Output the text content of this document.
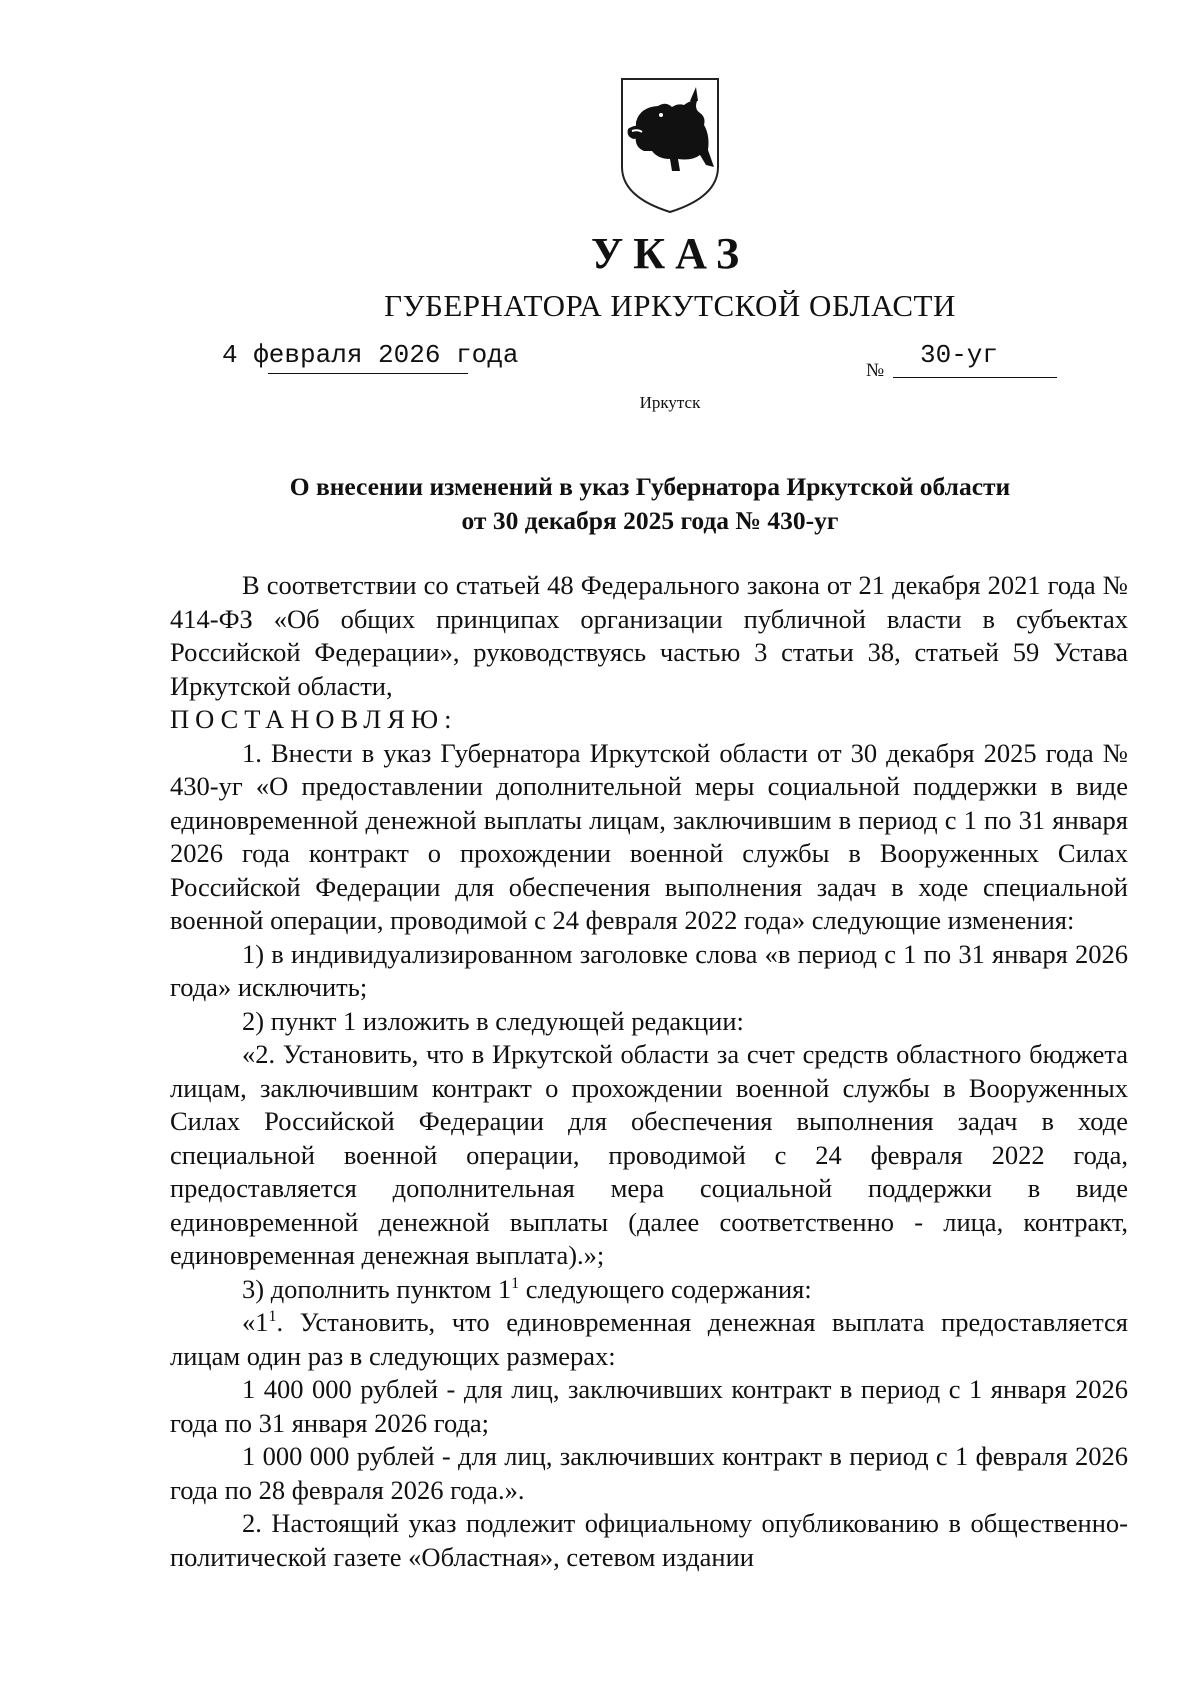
УКАЗ
ГУБЕРНАТОРА ИРКУТСКОЙ ОБЛАСТИ
4 февраля 2026 года
№
30-уг
Иркутск
О внесении изменений в указ Губернатора Иркутской области
от 30 декабря 2025 года № 430-уг

В соответствии со статьей 48 Федерального закона от 21 декабря 2021 года № 414-ФЗ «Об общих принципах организации публичной власти в субъектах Российской Федерации», руководствуясь частью 3 статьи 38, статьей 59 Устава Иркутской области,

ПОСТАНОВЛЯЮ:

1. Внести в указ Губернатора Иркутской области от 30 декабря 2025 года № 430-уг «О предоставлении дополнительной меры социальной поддержки в виде единовременной денежной выплаты лицам, заключившим в период с 1 по 31 января 2026 года контракт о прохождении военной службы в Вооруженных Силах Российской Федерации для обеспечения выполнения задач в ходе специальной военной операции, проводимой с 24 февраля 2022 года» следующие изменения:

1) в индивидуализированном заголовке слова «в период с 1 по 31 января 2026 года» исключить;

2) пункт 1 изложить в следующей редакции:

«2. Установить, что в Иркутской области за счет средств областного бюджета лицам, заключившим контракт о прохождении военной службы в Вооруженных Силах Российской Федерации для обеспечения выполнения задач в ходе специальной военной операции, проводимой с 24 февраля 2022 года, предоставляется дополнительная мера социальной поддержки в виде единовременной денежной выплаты (далее соответственно - лица, контракт, единовременная денежная выплата).»;

3) дополнить пунктом $1^1$ следующего содержания:

«$1^1$. Установить, что единовременная денежная выплата предоставляется лицам один раз в следующих размерах:

1 400 000 рублей - для лиц, заключивших контракт в период с 1 января 2026 года по 31 января 2026 года;

1 000 000 рублей - для лиц, заключивших контракт в период с 1 февраля 2026 года по 28 февраля 2026 года.».

2. Настоящий указ подлежит официальному опубликованию в общественно-политической газете «Областная», сетевом издании
